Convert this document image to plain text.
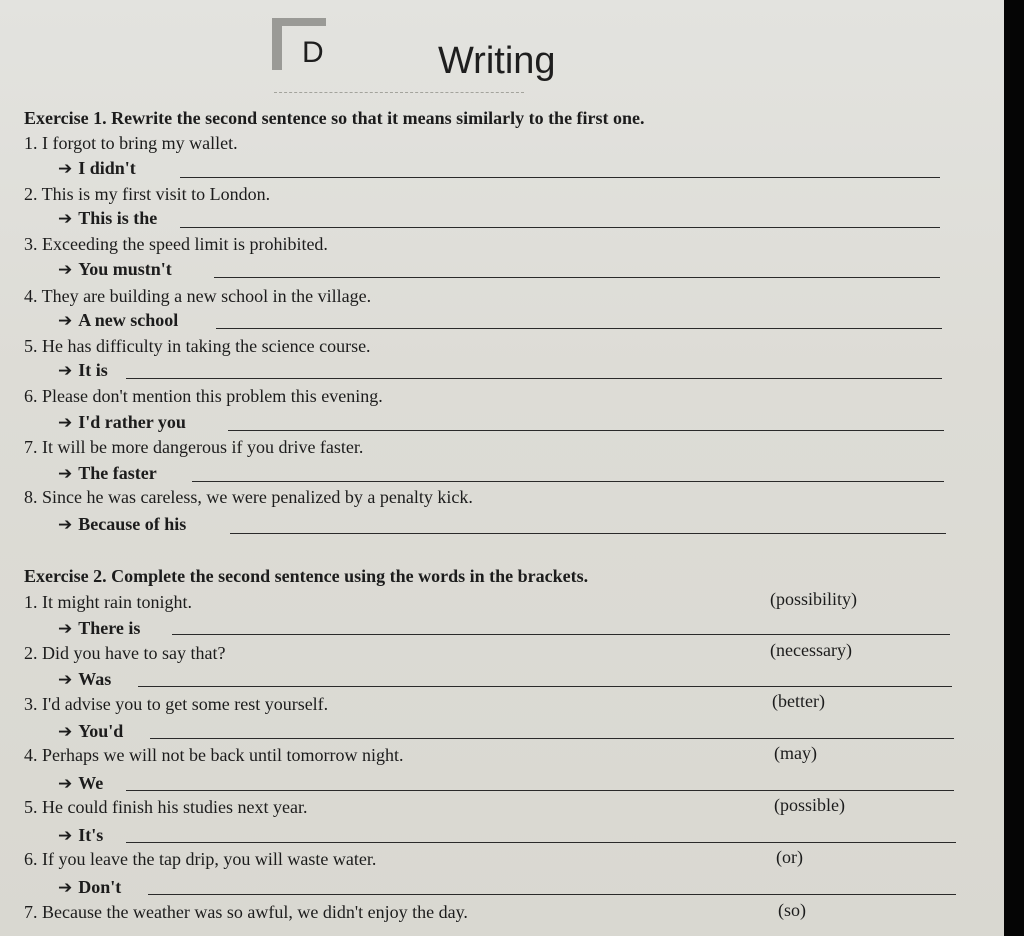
D	Writing
Exercise 1. Rewrite the second sentence so that it means similarly to the first one.
1. I forgot to bring my wallet.
➔ I didn't
2. This is my first visit to London.
➔ This is the
3. Exceeding the speed limit is prohibited.
➔ You mustn't
4. They are building a new school in the village.
➔ A new school
5. He has difficulty in taking the science course.
➔ It is
6. Please don't mention this problem this evening.
➔ I'd rather you
7. It will be more dangerous if you drive faster.
➔ The faster
8. Since he was careless, we were penalized by a penalty kick.
➔ Because of his
Exercise 2. Complete the second sentence using the words in the brackets.
1. It might rain tonight.	(possibility)
➔ There is
2. Did you have to say that?	(necessary)
➔ Was
3. I'd advise you to get some rest yourself.	(better)
➔ You'd
4. Perhaps we will not be back until tomorrow night.	(may)
➔ We
5. He could finish his studies next year.	(possible)
➔ It's
6. If you leave the tap drip, you will waste water.	(or)
➔ Don't
7. Because the weather was so awful, we didn't enjoy the day.	(so)
